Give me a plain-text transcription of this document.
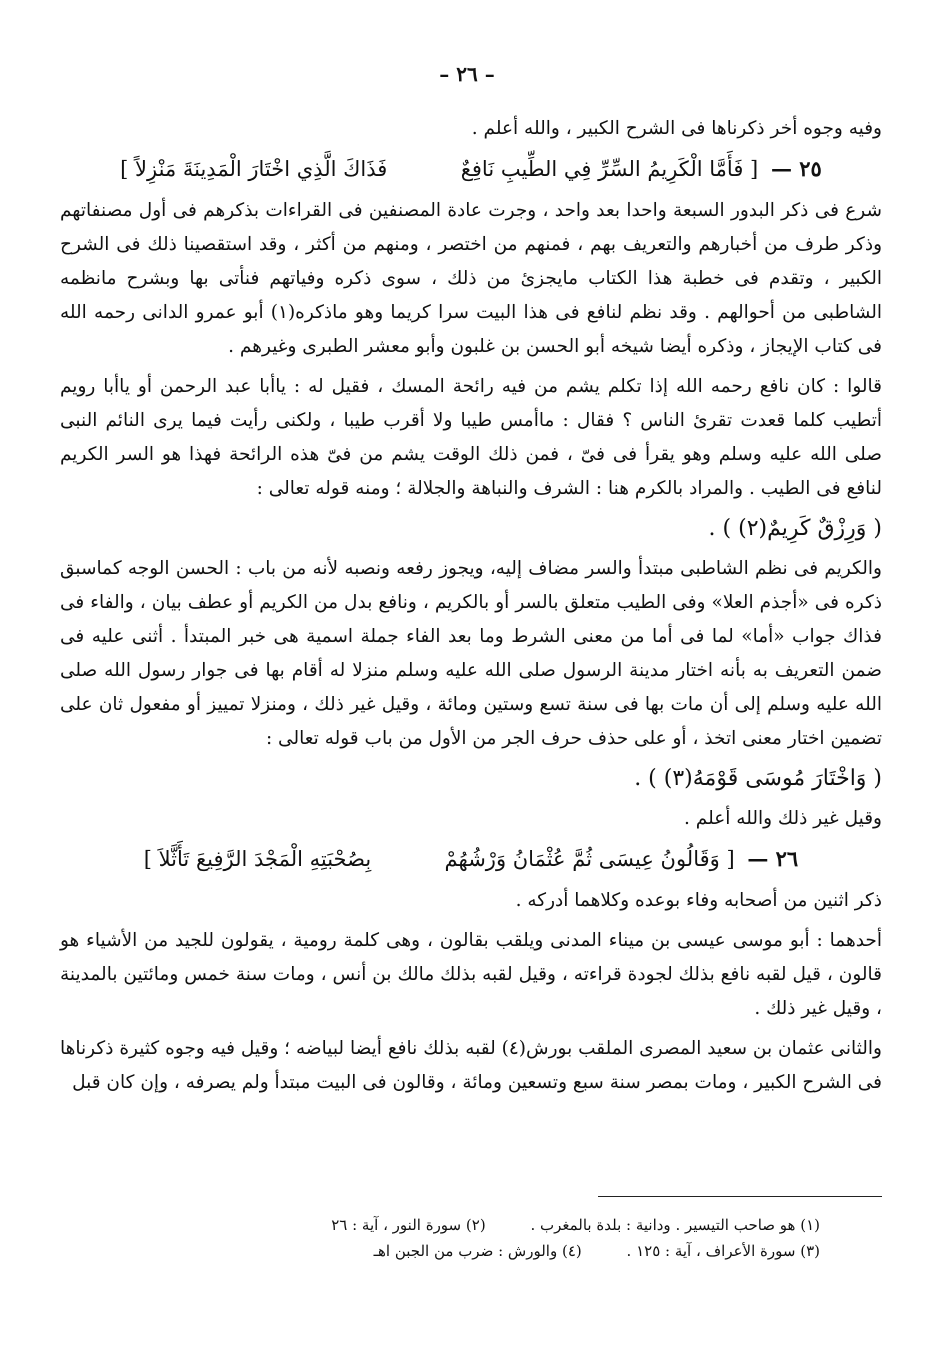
– ٢٦ –

وفيه وجوه أخر ذكرناها فى الشرح الكبير ، والله أعلم .

٢٥ — [ فَأَمَّا الْكَرِيمُ السِّرِّ فِي الطِّيبِ نَافِعٌ  فَذَاكَ الَّذِي اخْتَارَ الْمَدِينَةَ مَنْزِلاً ]

شرع فى ذكر البدور السبعة واحدا بعد واحد ، وجرت عادة المصنفين فى القراءات بذكرهم فى أول مصنفاتهم وذكر طرف من أخبارهم والتعريف بهم ، فمنهم من اختصر ، ومنهم من أكثر ، وقد استقصينا ذلك فى الشرح الكبير ، وتقدم فى خطبة هذا الكتاب مايجزئ من ذلك ، سوى ذكره وفياتهم فنأتى بها وبشرح مانظمه الشاطبى من أحوالهم . وقد نظم لنافع فى هذا البيت سرا كريما وهو ماذكره(١) أبو عمرو الدانى رحمه الله فى كتاب الإيجاز ، وذكره أيضا شيخه أبو الحسن بن غلبون وأبو معشر الطبرى وغيرهم .

قالوا : كان نافع رحمه الله إذا تكلم يشم من فيه رائحة المسك ، فقيل له : ياأبا عبد الرحمن أو ياأبا رويم أتطيب كلما قعدت تقرئ الناس ؟ فقال : ماأمس طيبا ولا أقرب طيبا ، ولكنى رأيت فيما يرى النائم النبى صلى الله عليه وسلم وهو يقرأ فى فىّ ، فمن ذلك الوقت يشم من فىّ هذه الرائحة فهذا هو السر الكريم لنافع فى الطيب . والمراد بالكرم هنا : الشرف والنباهة والجلالة ؛ ومنه قوله تعالى :

( وَرِزْقٌ كَرِيمٌ(٢) ) .

والكريم فى نظم الشاطبى مبتدأ والسر مضاف إليه، ويجوز رفعه ونصبه لأنه من باب : الحسن الوجه كماسبق ذكره فى «أجذم العلا» وفى الطيب متعلق بالسر أو بالكريم ، ونافع بدل من الكريم أو عطف بيان ، والفاء فى فذاك جواب «أما» لما فى أما من معنى الشرط وما بعد الفاء جملة اسمية هى خبر المبتدأ . أثنى عليه فى ضمن التعريف به بأنه اختار مدينة الرسول صلى الله عليه وسلم منزلا له أقام بها فى جوار رسول الله صلى الله عليه وسلم إلى أن مات بها فى سنة تسع وستين ومائة ، وقيل غير ذلك ، ومنزلا تمييز أو مفعول ثان على تضمين اختار معنى اتخذ ، أو على حذف حرف الجر من الأول من باب قوله تعالى :

( وَاخْتَارَ مُوسَى قَوْمَهُ(٣) ) .

وقيل غير ذلك والله أعلم .

٢٦ — [ وَقَالُونُ عِيسَى ثُمَّ عُثْمَانُ وَرْشُهُمْ  بِصُحْبَتِهِ الْمَجْدَ الرَّفِيعَ تَأَثَّلاَ ]

ذكر اثنين من أصحابه وفاء بوعده وكلاهما أدركه .

أحدهما : أبو موسى عيسى بن ميناء المدنى ويلقب بقالون ، وهى كلمة رومية ، يقولون للجيد من الأشياء هو قالون ، قيل لقبه نافع بذلك لجودة قراءته ، وقيل لقبه بذلك مالك بن أنس ، ومات سنة خمس ومائتين بالمدينة ، وقيل غير ذلك .

والثانى عثمان بن سعيد المصرى الملقب بورش(٤) لقبه بذلك نافع أيضا لبياضه ؛ وقيل فيه وجوه كثيرة ذكرناها فى الشرح الكبير ، ومات بمصر سنة سبع وتسعين ومائة ، وقالون فى البيت مبتدأ ولم يصرفه ، وإن كان قبل

(١) هو صاحب التيسير . ودانية : بلدة بالمغرب . (٢) سورة النور ، آية : ٢٦
(٣) سورة الأعراف ، آية : ١٢٥ . (٤) والورش : ضرب من الجبن اهـ
